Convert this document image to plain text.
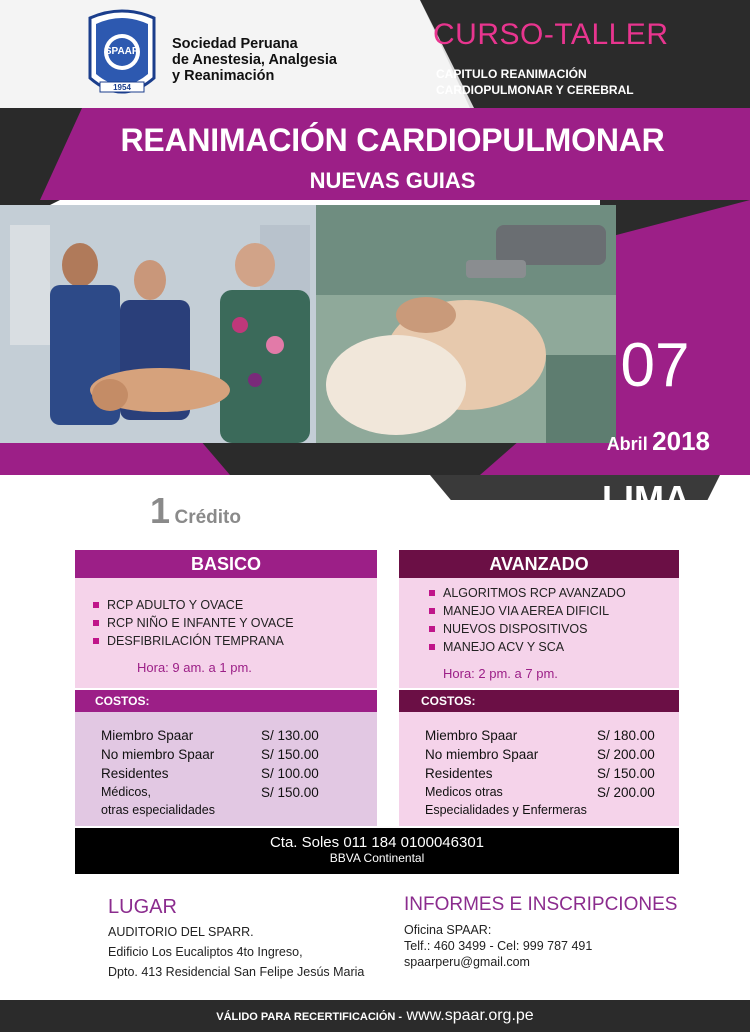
SPAAR
1954
Sociedad Peruana
de Anestesia, Analgesia
y Reanimación
CURSO-TALLER
CAPITULO REANIMACIÓN
CARDIOPULMONAR Y CEREBRAL
REANIMACIÓN CARDIOPULMONAR
NUEVAS GUIAS
07
Abril 2018
LIMA
1 Crédito
BASICO
RCP ADULTO Y OVACE
RCP NIÑO E INFANTE Y OVACE
DESFIBRILACIÓN TEMPRANA
Hora: 9 am. a 1 pm.
COSTOS:
Miembro Spaar	S/ 130.00
No miembro Spaar	S/ 150.00
Residentes	S/ 100.00
Médicos,	S/ 150.00
otras especialidades
AVANZADO
ALGORITMOS RCP AVANZADO
MANEJO VIA AEREA DIFICIL
NUEVOS DISPOSITIVOS
MANEJO ACV Y SCA
Hora: 2 pm. a 7 pm.
COSTOS:
Miembro Spaar	S/ 180.00
No miembro Spaar	S/ 200.00
Residentes	S/ 150.00
Medicos otras	S/ 200.00
Especialidades y Enfermeras
Cta. Soles 011 184 0100046301
BBVA Continental
LUGAR
AUDITORIO DEL SPARR.
Edificio Los Eucaliptos 4to Ingreso,
Dpto. 413 Residencial San Felipe Jesús Maria
INFORMES E INSCRIPCIONES
Oficina SPAAR:
Telf.: 460 3499 - Cel: 999 787 491
spaarperu@gmail.com
VÁLIDO PARA RECERTIFICACIÓN - www.spaar.org.pe
